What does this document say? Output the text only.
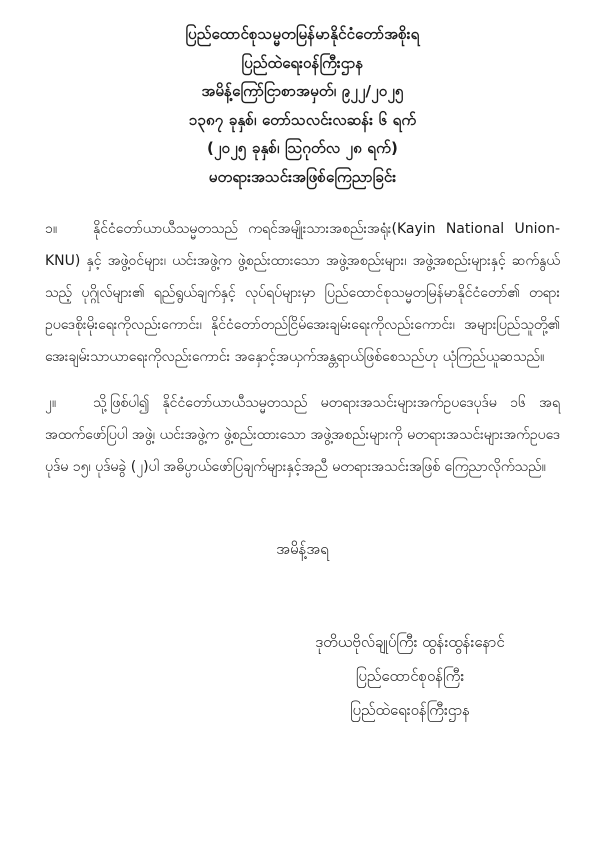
ပြည်ထောင်စုသမ္မတမြန်မာနိုင်ငံတော်အစိုးရ
ပြည်ထဲရေးဝန်ကြီးဌာန
အမိန့်ကြော်ငြာစာအမှတ်၊ ၉၂၂/၂၀၂၅
၁၃၈၇ ခုနှစ်၊ တော်သလင်းလဆန်း ၆ ရက်
(၂၀၂၅ ခုနှစ်၊ ဩဂုတ်လ ၂၈ ရက်)
မတရားအသင်းအဖြစ်ကြေညာခြင်း
၁။	နိုင်ငံတော်ယာယီသမ္မတသည် ကရင်အမျိုးသားအစည်းအရုံး(Kayin National Union-KNU) နှင့် အဖွဲ့ဝင်များ၊ ယင်းအဖွဲ့က ဖွဲ့စည်းထားသော အဖွဲ့အစည်းများ၊ အဖွဲ့အစည်းများနှင့် ဆက်နွယ်သည့် ပုဂ္ဂိုလ်များ၏ ရည်ရွယ်ချက်နှင့် လုပ်ရပ်များမှာ ပြည်ထောင်စုသမ္မတမြန်မာနိုင်ငံတော်၏ တရားဥပဒေစိုးမိုးရေးကိုလည်းကောင်း၊ နိုင်ငံတော်တည်ငြိမ်အေးချမ်းရေးကိုလည်းကောင်း၊ အများပြည်သူတို့၏ အေးချမ်းသာယာရေးကိုလည်းကောင်း အနှောင့်အယှက်အန္တရာယ်ဖြစ်စေသည်ဟု ယုံကြည်ယူဆသည်။
၂။	သို့ဖြစ်ပါ၍ နိုင်ငံတော်ယာယီသမ္မတသည် မတရားအသင်းများအက်ဥပဒေပုဒ်မ ၁၆ အရ အထက်ဖော်ပြပါ အဖွဲ့၊ ယင်းအဖွဲ့က ဖွဲ့စည်းထားသော အဖွဲ့အစည်းများကို မတရားအသင်းများအက်ဥပဒေပုဒ်မ ၁၅၊ ပုဒ်မခွဲ (၂)ပါ အဓိပ္ပာယ်ဖော်ပြချက်များနှင့်အညီ မတရားအသင်းအဖြစ် ကြေညာလိုက်သည်။
အမိန့်အရ
ဒုတိယဗိုလ်ချုပ်ကြီး ထွန်းထွန်းနောင်
ပြည်ထောင်စုဝန်ကြီး
ပြည်ထဲရေးဝန်ကြီးဌာန
